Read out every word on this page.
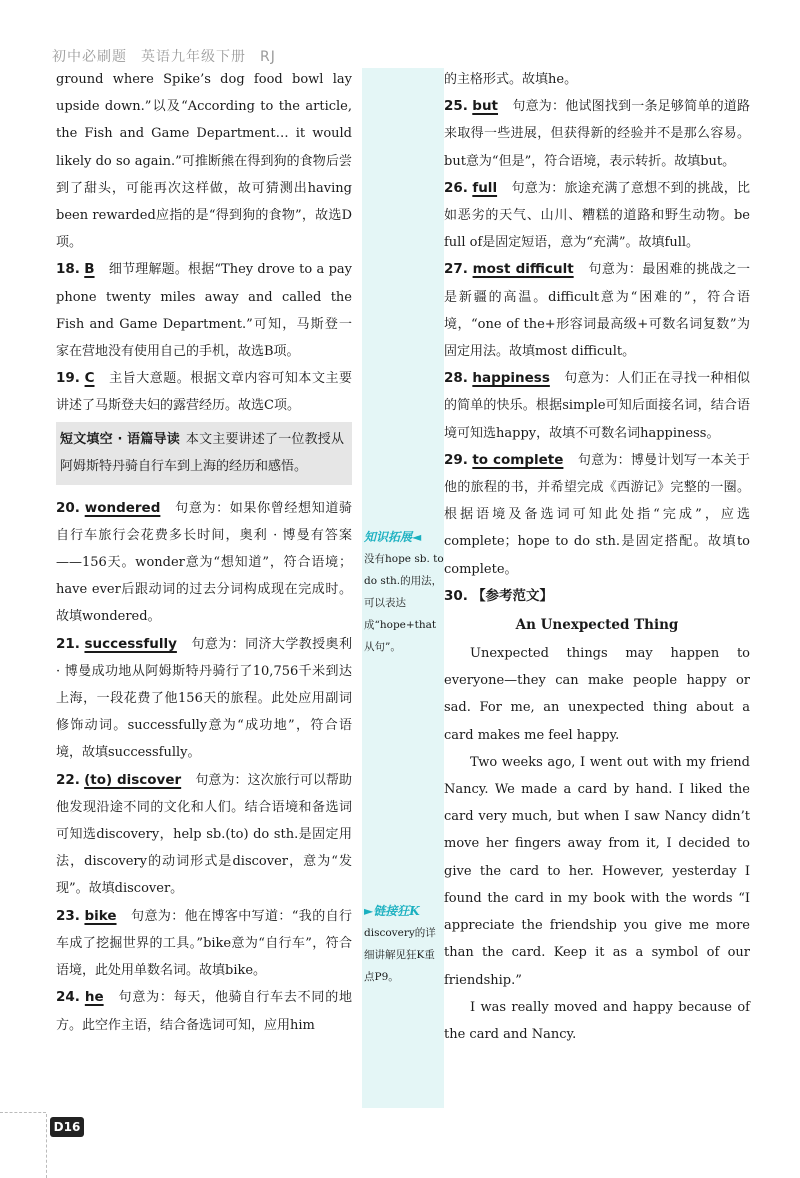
初中必刷题 英语九年级下册 RJ

ground where Spike’s dog food bowl lay upside down.”以及“According to the article, the Fish and Game Department… it would likely do so again.”可推断熊在得到狗的食物后尝到了甜头，可能再次这样做，故可猜测出having been rewarded应指的是“得到狗的食物”，故选D项。

18. B 细节理解题。根据“They drove to a pay phone twenty miles away and called the Fish and Game Department.”可知，马斯登一家在营地没有使用自己的手机，故选B项。

19. C 主旨大意题。根据文章内容可知本文主要讲述了马斯登夫妇的露营经历。故选C项。

短文填空 · 语篇导读 本文主要讲述了一位教授从阿姆斯特丹骑自行车到上海的经历和感悟。

20. wondered 句意为：如果你曾经想知道骑自行车旅行会花费多长时间，奥利 · 博曼有答案——156天。wonder意为“想知道”，符合语境；have ever后跟动词的过去分词构成现在完成时。故填wondered。

21. successfully 句意为：同济大学教授奥利 · 博曼成功地从阿姆斯特丹骑行了10,756千米到达上海，一段花费了他156天的旅程。此处应用副词修饰动词。successfully意为“成功地”，符合语境，故填successfully。

22. (to) discover 句意为：这次旅行可以帮助他发现沿途不同的文化和人们。结合语境和备选词可知选discovery，help sb.(to) do sth.是固定用法，discovery的动词形式是discover，意为“发现”。故填discover。

23. bike 句意为：他在博客中写道：“我的自行车成了挖掘世界的工具。”bike意为“自行车”，符合语境，此处用单数名词。故填bike。

24. he 句意为：每天，他骑自行车去不同的地方。此空作主语，结合备选词可知，应用him

知识拓展◄
没有hope sb. to do sth.的用法，可以表达成“hope+that从句”。
►链接狂K
discovery的详细讲解见狂K重点P9。

的主格形式。故填he。

25. but 句意为：他试图找到一条足够简单的道路来取得一些进展，但获得新的经验并不是那么容易。but意为“但是”，符合语境，表示转折。故填but。

26. full 句意为：旅途充满了意想不到的挑战，比如恶劣的天气、山川、糟糕的道路和野生动物。be full of是固定短语，意为“充满”。故填full。

27. most difficult 句意为：最困难的挑战之一是新疆的高温。difficult意为“困难的”，符合语境，“one of the+形容词最高级+可数名词复数”为固定用法。故填most difficult。

28. happiness 句意为：人们正在寻找一种相似的简单的快乐。根据simple可知后面接名词，结合语境可知选happy，故填不可数名词happiness。

29. to complete 句意为：博曼计划写一本关于他的旅程的书，并希望完成《西游记》完整的一圈。根据语境及备选词可知此处指“完成”，应选complete；hope to do sth.是固定搭配。故填to complete。

30. 【参考范文】

An Unexpected Thing

Unexpected things may happen to everyone—they can make people happy or sad. For me, an unexpected thing about a card makes me feel happy.

Two weeks ago, I went out with my friend Nancy. We made a card by hand. I liked the card very much, but when I saw Nancy didn’t move her fingers away from it, I decided to give the card to her. However, yesterday I found the card in my book with the words “I appreciate the friendship you give me more than the card. Keep it as a symbol of our friendship.”

I was really moved and happy because of the card and Nancy.

D16
